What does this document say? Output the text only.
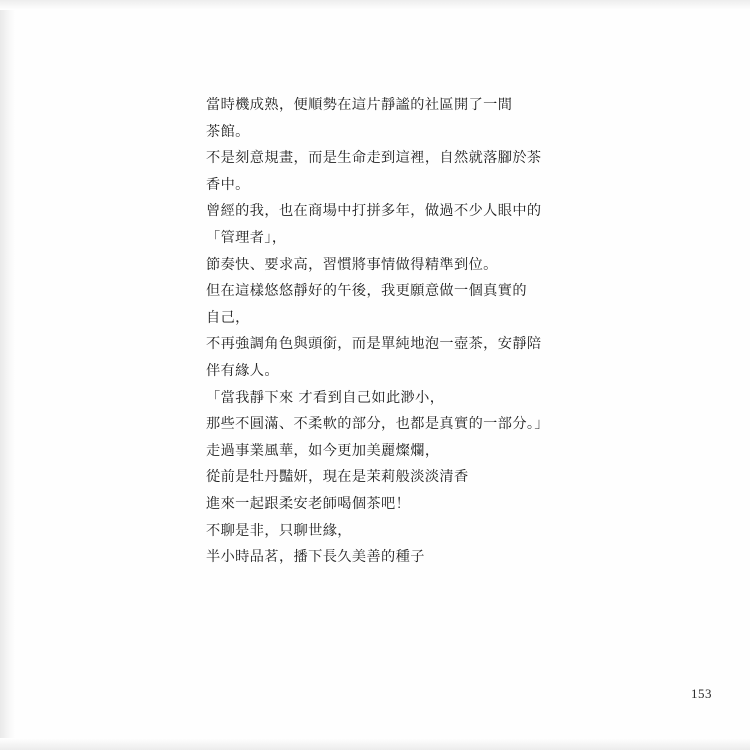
當時機成熟，便順勢在這片靜謐的社區開了一間
茶館。
不是刻意規畫，而是生命走到這裡，自然就落腳於茶
香中。
曾經的我，也在商場中打拼多年，做過不少人眼中的
「管理者」，
節奏快、要求高，習慣將事情做得精準到位。
但在這樣悠悠靜好的午後，我更願意做一個真實的
自己，
不再強調角色與頭銜，而是單純地泡一壺茶，安靜陪
伴有緣人。
「當我靜下來 才看到自己如此渺小，
那些不圓滿、不柔軟的部分，也都是真實的一部分。」
走過事業風華，如今更加美麗燦爛，
從前是牡丹豔妍，現在是茉莉般淡淡清香
進來一起跟柔安老師喝個茶吧！
不聊是非，只聊世緣，
半小時品茗，播下長久美善的種子
153
